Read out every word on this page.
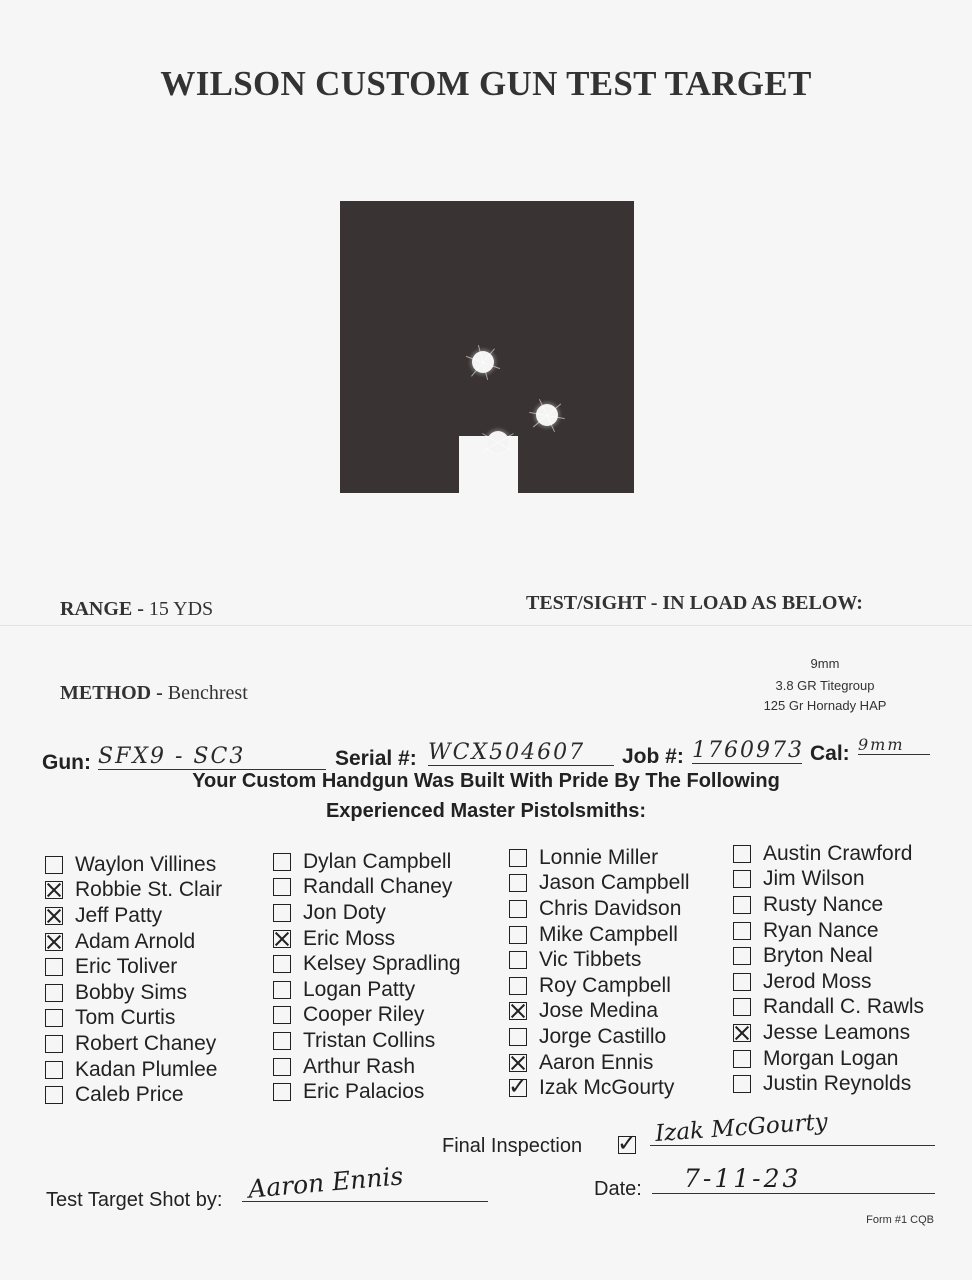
WILSON CUSTOM GUN TEST TARGET
RANGE - 15 YDS	TEST/SIGHT - IN LOAD AS BELOW:
METHOD - Benchrest
9mm
3.8 GR Titegroup
125 Gr Hornady HAP
Gun: SFX9 - SC3	Serial #: WCX504607	Job #: 1760973 Cal: 9mm
Your Custom Handgun Was Built With Pride By The Following
Experienced Master Pistolsmiths:
Waylon Villines
Robbie St. Clair
Jeff Patty
Adam Arnold
Eric Toliver
Bobby Sims
Tom Curtis
Robert Chaney
Kadan Plumlee
Caleb Price
Dylan Campbell
Randall Chaney
Jon Doty
Eric Moss
Kelsey Spradling
Logan Patty
Cooper Riley
Tristan Collins
Arthur Rash
Eric Palacios
Lonnie Miller
Jason Campbell
Chris Davidson
Mike Campbell
Vic Tibbets
Roy Campbell
Jose Medina
Jorge Castillo
Aaron Ennis
✓
Izak McGourty
Austin Crawford
Jim Wilson
Rusty Nance
Ryan Nance
Bryton Neal
Jerod Moss
Randall C. Rawls
Jesse Leamons
Morgan Logan
Justin Reynolds
Final Inspection
✓	Izak McGourty
Test Target Shot by: Aaron Ennis	Date: 7-11-23
Form #1 CQB
